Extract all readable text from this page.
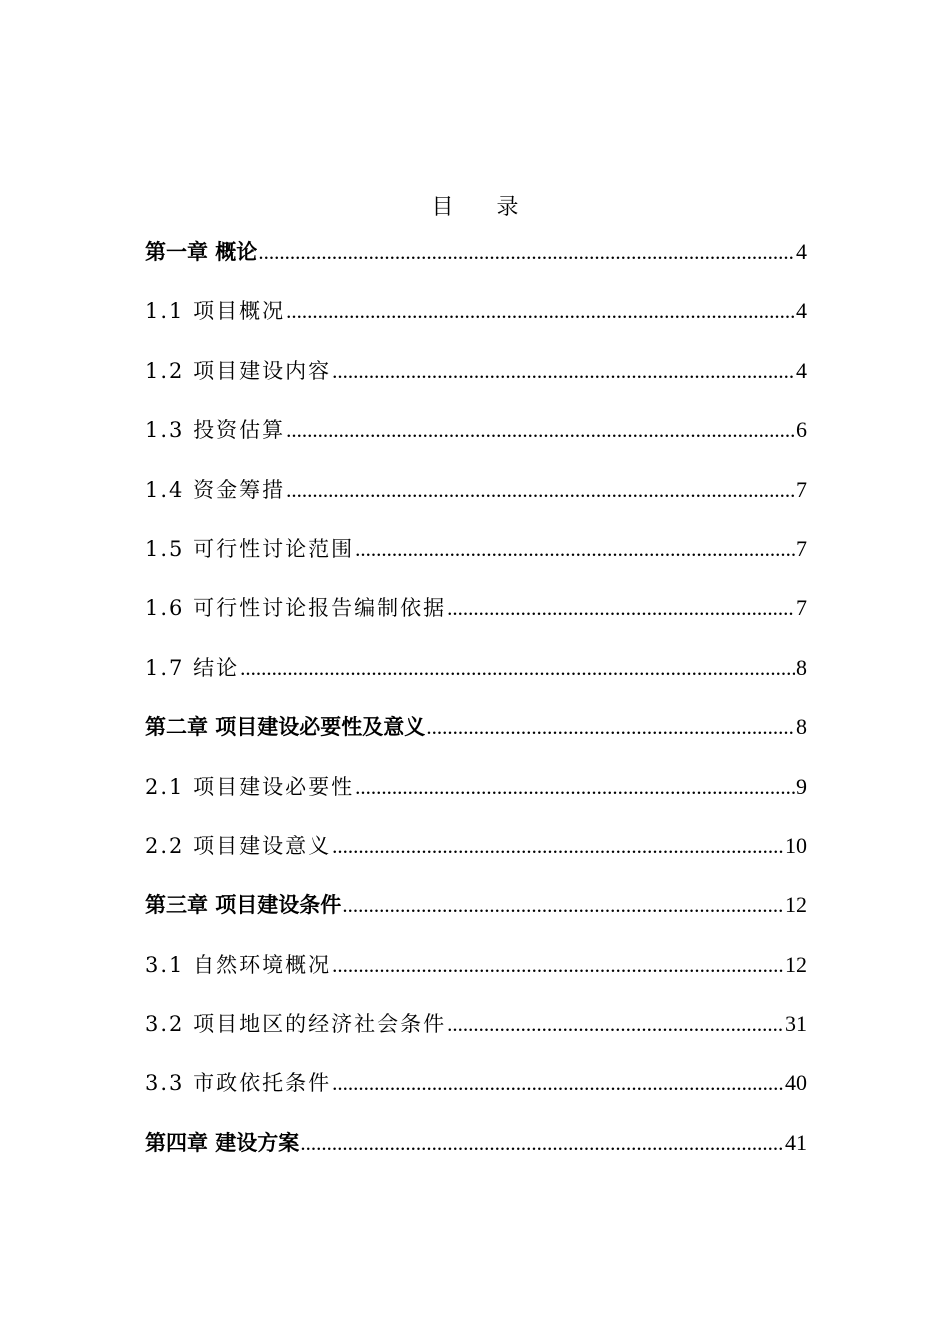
目 录
第一章 概论 .....	4
1.1 项目概况 .....	4
1.2 项目建设内容 .....	4
1.3 投资估算 .....	6
1.4 资金筹措 .....	7
1.5 可行性讨论范围 .....	7
1.6 可行性讨论报告编制依据 .....	7
1.7 结论 .....	8
第二章 项目建设必要性及意义 .....	8
2.1 项目建设必要性 .....	9
2.2 项目建设意义 .....	10
第三章 项目建设条件 .....	12
3.1 自然环境概况 .....	12
3.2 项目地区的经济社会条件 .....	31
3.3 市政依托条件 .....	40
第四章 建设方案 .....	41
